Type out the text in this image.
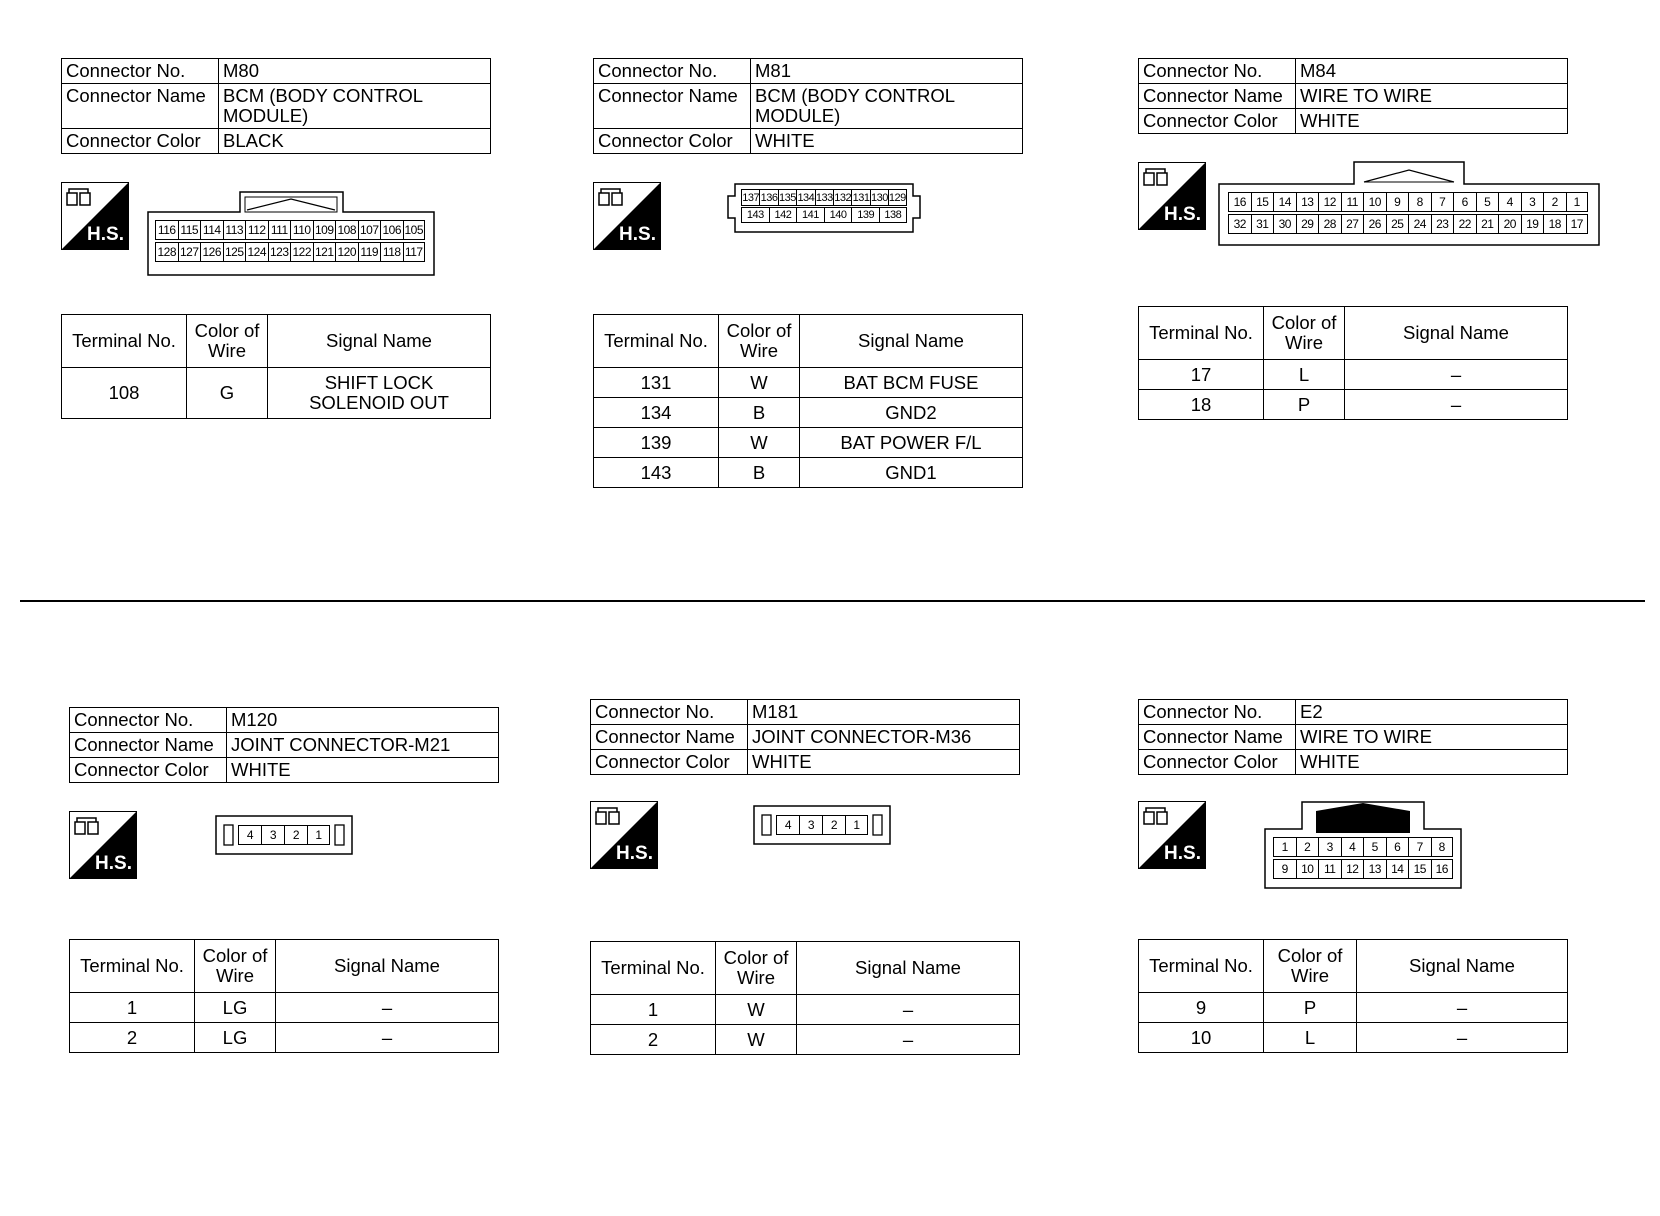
Connector No.	M80
Connector Name	BCM (BODY CONTROL MODULE)
Connector Color	BLACK
H.S.	116 115 114 113 112 111 110 109 108 107 106 105
128 127 126 125 124 123 122 121 120 119 118 117
Terminal No.	Color of Wire	Signal Name
108	G	SHIFT LOCK SOLENOID OUT
Connector No.	M81
Connector Name	BCM (BODY CONTROL MODULE)
Connector Color	WHITE
H.S.
137 136 135 134 133 132 131 130 129
143 142 141 140 139 138
Terminal No.	Color of Wire	Signal Name
131	W	BAT BCM FUSE
134	B	GND2
139	W	BAT POWER F/L
143	B	GND1
Connector No.	M84
Connector Name	WIRE TO WIRE
Connector Color	WHITE
H.S.
16 15 14 13 12 11 10	9	8	7	6	5	4	3	2	1
32 31 30 29 28 27 26 25 24 23 22 21 20 19 18 17
Terminal No.	Color of Wire	Signal Name
17	L	–
18	P	–
Connector No.	M120
Connector Name	JOINT CONNECTOR-M21
Connector Color	WHITE
H.S.
4	3	2	1
Terminal No.	Color of Wire	Signal Name
1	LG	–
2	LG	–
Connector No.	M181
Connector Name	JOINT CONNECTOR-M36
Connector Color	WHITE
H.S.
4	3	2	1
Terminal No.	Color of Wire	Signal Name
1	W	–
2	W	–
Connector No.	E2
Connector Name	WIRE TO WIRE
Connector Color	WHITE
H.S.	1	2	3	4	5	6	7	8
9	10 11 12 13 14 15 16
Terminal No.	Color of Wire	Signal Name
9	P	–
10	L	–
